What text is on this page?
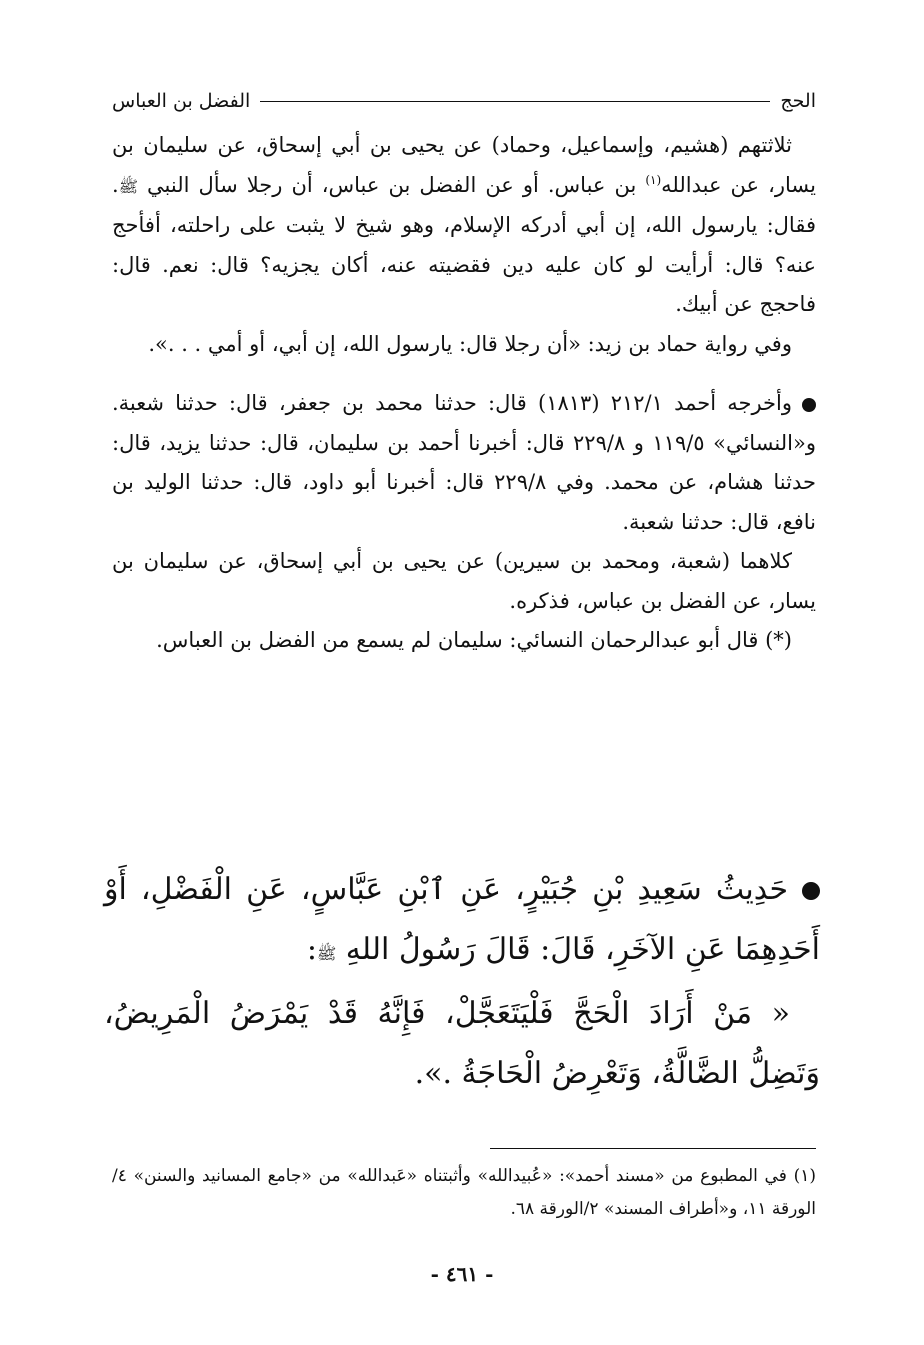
الحج
الفضل بن العباس

ثلاثتهم (هشيم، وإسماعيل، وحماد) عن يحيى بن أبي إسحاق، عن سليمان بن يسار، عن عبدالله$^{(١)}$ بن عباس. أو عن الفضل بن عباس، أن رجلا سأل النبي ﷺ. فقال: يارسول الله، إن أبي أدركه الإسلام، وهو شيخ لا يثبت على راحلته، أفأحج عنه؟ قال: أرأيت لو كان عليه دين فقضيته عنه، أكان يجزيه؟ قال: نعم. قال: فاحجج عن أبيك.

وفي رواية حماد بن زيد: «أن رجلا قال: يارسول الله، إن أبي، أو أمي . . .».

وأخرجه أحمد ٢١٢/١ (١٨١٣) قال: حدثنا محمد بن جعفر، قال: حدثنا شعبة. و«النسائي» ١١٩/٥ و ٢٢٩/٨ قال: أخبرنا أحمد بن سليمان، قال: حدثنا يزيد، قال: حدثنا هشام، عن محمد. وفي ٢٢٩/٨ قال: أخبرنا أبو داود، قال: حدثنا الوليد بن نافع، قال: حدثنا شعبة.

كلاهما (شعبة، ومحمد بن سيرين) عن يحيى بن أبي إسحاق، عن سليمان بن يسار، عن الفضل بن عباس، فذكره.

(*) قال أبو عبدالرحمان النسائي: سليمان لم يسمع من الفضل بن العباس.

حَدِيثُ سَعِيدِ بْنِ جُبَيْرٍ، عَنِ ٱبْنِ عَبَّاسٍ، عَنِ الْفَضْلِ، أَوْ أَحَدِهِمَا عَنِ الآخَرِ، قَالَ: قَالَ رَسُولُ اللهِ ﷺ:

« مَنْ أَرَادَ الْحَجَّ فَلْيَتَعَجَّلْ، فَإِنَّهُ قَدْ يَمْرَضُ الْمَرِيضُ، وَتَضِلُّ الضَّالَّةُ، وَتَعْرِضُ الْحَاجَةُ .».

(١) في المطبوع من «مسند أحمد»: «عُبيدالله» وأثبتناه «عَبدالله» من «جامع المسانيد والسنن» ٤/الورقة ١١، و«أطراف المسند» ٢/الورقة ٦٨.

- ٤٦١ -
